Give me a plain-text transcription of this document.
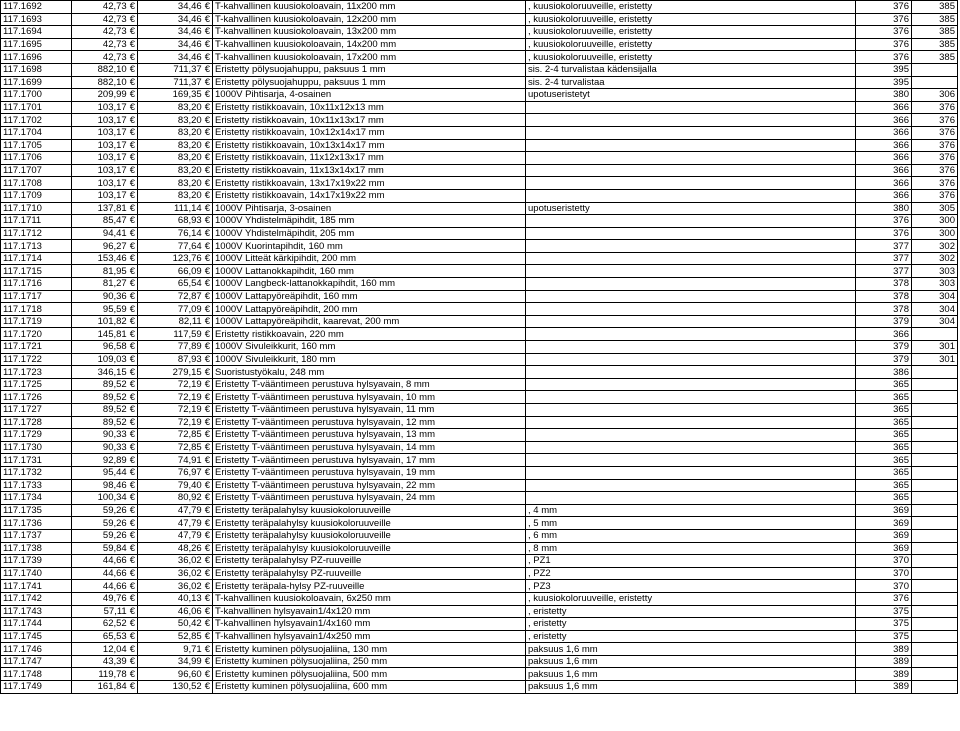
117.1692	42,73 €	34,46 €	T-kahvallinen kuusiokoloavain, 11x200 mm	, kuusiokoloruuveille, eristetty	376	385
117.1693	42,73 €	34,46 €	T-kahvallinen kuusiokoloavain, 12x200 mm	, kuusiokoloruuveille, eristetty	376	385
117.1694	42,73 €	34,46 €	T-kahvallinen kuusiokoloavain, 13x200 mm	, kuusiokoloruuveille, eristetty	376	385
117.1695	42,73 €	34,46 €	T-kahvallinen kuusiokoloavain, 14x200 mm	, kuusiokoloruuveille, eristetty	376	385
117.1696	42,73 €	34,46 €	T-kahvallinen kuusiokoloavain, 17x200 mm	, kuusiokoloruuveille, eristetty	376	385
117.1698	882,10 €	711,37 €	Eristetty pölysuojahuppu, paksuus 1 mm	sis. 2-4 turvalistaa kädensijalla	395	
117.1699	882,10 €	711,37 €	Eristetty pölysuojahuppu, paksuus 1 mm	sis. 2-4 turvalistaa	395	
117.1700	209,99 €	169,35 €	1000V Pihtisarja, 4-osainen	upotuseristetyt	380	306
117.1701	103,17 €	83,20 €	Eristetty ristikkoavain, 10x11x12x13 mm		366	376
117.1702	103,17 €	83,20 €	Eristetty ristikkoavain, 10x11x13x17 mm		366	376
117.1704	103,17 €	83,20 €	Eristetty ristikkoavain, 10x12x14x17 mm		366	376
117.1705	103,17 €	83,20 €	Eristetty ristikkoavain, 10x13x14x17 mm		366	376
117.1706	103,17 €	83,20 €	Eristetty ristikkoavain, 11x12x13x17 mm		366	376
117.1707	103,17 €	83,20 €	Eristetty ristikkoavain, 11x13x14x17 mm		366	376
117.1708	103,17 €	83,20 €	Eristetty ristikkoavain, 13x17x19x22 mm		366	376
117.1709	103,17 €	83,20 €	Eristetty ristikkoavain, 14x17x19x22 mm		366	376
117.1710	137,81 €	111,14 €	1000V Pihtisarja, 3-osainen	upotuseristetty	380	305
117.1711	85,47 €	68,93 €	1000V Yhdistelmäpihdit, 185 mm		376	300
117.1712	94,41 €	76,14 €	1000V Yhdistelmäpihdit, 205 mm		376	300
117.1713	96,27 €	77,64 €	1000V Kuorintapihdit, 160 mm		377	302
117.1714	153,46 €	123,76 €	1000V Litteät kärkipihdit, 200 mm		377	302
117.1715	81,95 €	66,09 €	1000V Lattanokkapihdit, 160 mm		377	303
117.1716	81,27 €	65,54 €	1000V Langbeck-lattanokkapihdit, 160 mm		378	303
117.1717	90,36 €	72,87 €	1000V Lattapyöreäpihdit, 160 mm		378	304
117.1718	95,59 €	77,09 €	1000V Lattapyöreäpihdit, 200 mm		378	304
117.1719	101,82 €	82,11 €	1000V Lattapyöreäpihdit, kaarevat, 200 mm		379	304
117.1720	145,81 €	117,59 €	Eristetty ristikkoavain, 220 mm		366	
117.1721	96,58 €	77,89 €	1000V Sivuleikkurit, 160 mm		379	301
117.1722	109,03 €	87,93 €	1000V Sivuleikkurit, 180 mm		379	301
117.1723	346,15 €	279,15 €	Suoristustyökalu, 248 mm		386	
117.1725	89,52 €	72,19 €	Eristetty T-vääntimeen perustuva hylsyavain, 8 mm		365	
117.1726	89,52 €	72,19 €	Eristetty T-vääntimeen perustuva hylsyavain, 10 mm		365	
117.1727	89,52 €	72,19 €	Eristetty T-vääntimeen perustuva hylsyavain, 11 mm		365	
117.1728	89,52 €	72,19 €	Eristetty T-vääntimeen perustuva hylsyavain, 12 mm		365	
117.1729	90,33 €	72,85 €	Eristetty T-vääntimeen perustuva hylsyavain, 13 mm		365	
117.1730	90,33 €	72,85 €	Eristetty T-vääntimeen perustuva hylsyavain, 14 mm		365	
117.1731	92,89 €	74,91 €	Eristetty T-vääntimeen perustuva hylsyavain, 17 mm		365	
117.1732	95,44 €	76,97 €	Eristetty T-vääntimeen perustuva hylsyavain, 19 mm		365	
117.1733	98,46 €	79,40 €	Eristetty T-vääntimeen perustuva hylsyavain, 22 mm		365	
117.1734	100,34 €	80,92 €	Eristetty T-vääntimeen perustuva hylsyavain, 24 mm		365	
117.1735	59,26 €	47,79 €	Eristetty teräpalahylsy kuusiokoloruuveille	, 4 mm	369	
117.1736	59,26 €	47,79 €	Eristetty teräpalahylsy kuusiokoloruuveille	, 5 mm	369	
117.1737	59,26 €	47,79 €	Eristetty teräpalahylsy kuusiokoloruuveille	, 6 mm	369	
117.1738	59,84 €	48,26 €	Eristetty teräpalahylsy kuusiokoloruuveille	, 8 mm	369	
117.1739	44,66 €	36,02 €	Eristetty teräpalahylsy PZ-ruuveille	, PZ1	370	
117.1740	44,66 €	36,02 €	Eristetty teräpalahylsy PZ-ruuveille	, PZ2	370	
117.1741	44,66 €	36,02 €	Eristetty teräpala-hylsy PZ-ruuveille	, PZ3	370	
117.1742	49,76 €	40,13 €	T-kahvallinen kuusiokoloavain, 6x250 mm	, kuusiokoloruuveille, eristetty	376	
117.1743	57,11 €	46,06 €	T-kahvallinen hylsyavain1/4x120 mm	, eristetty	375	
117.1744	62,52 €	50,42 €	T-kahvallinen hylsyavain1/4x160 mm	, eristetty	375	
117.1745	65,53 €	52,85 €	T-kahvallinen hylsyavain1/4x250 mm	, eristetty	375	
117.1746	12,04 €	9,71 €	Eristetty kuminen pölysuojaliina, 130 mm	paksuus 1,6 mm	389	
117.1747	43,39 €	34,99 €	Eristetty kuminen pölysuojaliina, 250 mm	paksuus 1,6 mm	389	
117.1748	119,78 €	96,60 €	Eristetty kuminen pölysuojaliina, 500 mm	paksuus 1,6 mm	389	
117.1749	161,84 €	130,52 €	Eristetty kuminen pölysuojaliina, 600 mm	paksuus 1,6 mm	389	
